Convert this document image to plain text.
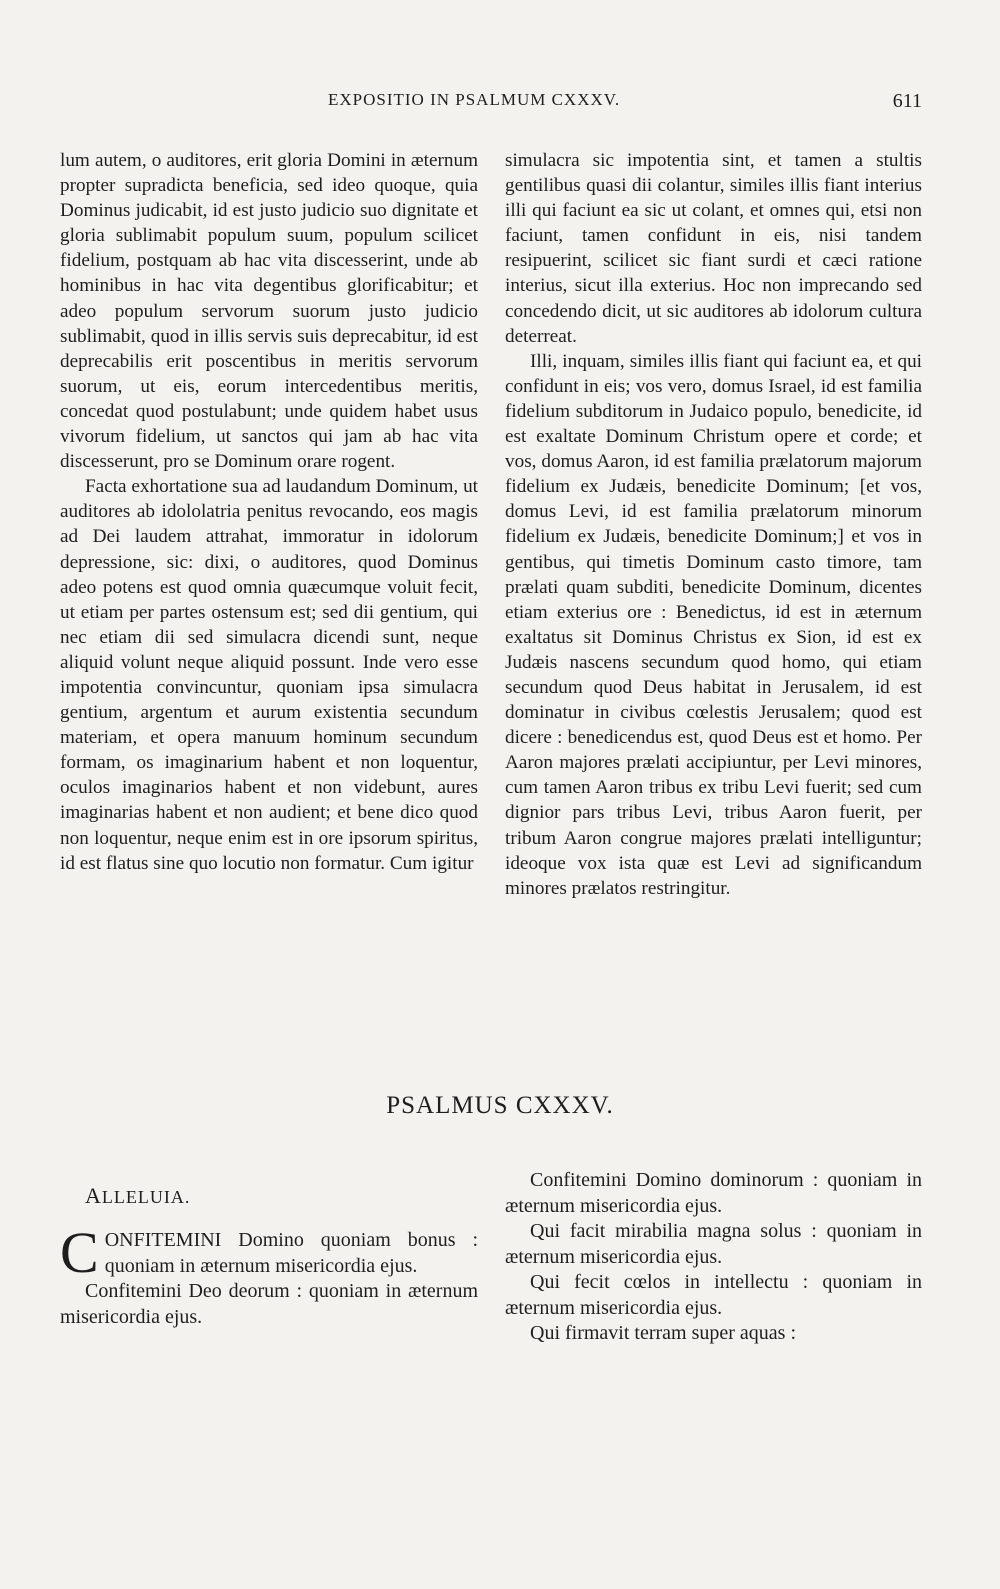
EXPOSITIO IN PSALMUM CXXXV.	611

lum autem, o auditores, erit gloria Domini in æternum propter supradicta beneficia, sed ideo quoque, quia Dominus judicabit, id est justo judicio suo dignitate et gloria sublimabit populum suum, populum scilicet fidelium, postquam ab hac vita discesserint, unde ab hominibus in hac vita degentibus glorificabitur; et adeo populum servorum suorum justo judicio sublimabit, quod in illis servis suis deprecabitur, id est deprecabilis erit poscentibus in meritis servorum suorum, ut eis, eorum intercedentibus meritis, concedat quod postulabunt; unde quidem habet usus vivorum fidelium, ut sanctos qui jam ab hac vita discesserunt, pro se Dominum orare rogent.

Facta exhortatione sua ad laudandum Dominum, ut auditores ab idololatria penitus revocando, eos magis ad Dei laudem attrahat, immoratur in idolorum depressione, sic: dixi, o auditores, quod Dominus adeo potens est quod omnia quæcumque voluit fecit, ut etiam per partes ostensum est; sed dii gentium, qui nec etiam dii sed simulacra dicendi sunt, neque aliquid volunt neque aliquid possunt. Inde vero esse impotentia convincuntur, quoniam ipsa simulacra gentium, argentum et aurum existentia secundum materiam, et opera manuum hominum secundum formam, os imaginarium habent et non loquentur, oculos imaginarios habent et non videbunt, aures imaginarias habent et non audient; et bene dico quod non loquentur, neque enim est in ore ipsorum spiritus, id est flatus sine quo locutio non formatur. Cum igitur

simulacra sic impotentia sint, et tamen a stultis gentilibus quasi dii colantur, similes illis fiant interius illi qui faciunt ea sic ut colant, et omnes qui, etsi non faciunt, tamen confidunt in eis, nisi tandem resipuerint, scilicet sic fiant surdi et cæci ratione interius, sicut illa exterius. Hoc non imprecando sed concedendo dicit, ut sic auditores ab idolorum cultura deterreat.

Illi, inquam, similes illis fiant qui faciunt ea, et qui confidunt in eis; vos vero, domus Israel, id est familia fidelium subditorum in Judaico populo, benedicite, id est exaltate Dominum Christum opere et corde; et vos, domus Aaron, id est familia prælatorum majorum fidelium ex Judæis, benedicite Dominum; [et vos, domus Levi, id est familia prælatorum minorum fidelium ex Judæis, benedicite Dominum;] et vos in gentibus, qui timetis Dominum casto timore, tam prælati quam subditi, benedicite Dominum, dicentes etiam exterius ore : Benedictus, id est in æternum exaltatus sit Dominus Christus ex Sion, id est ex Judæis nascens secundum quod homo, qui etiam secundum quod Deus habitat in Jerusalem, id est dominatur in civibus cœlestis Jerusalem; quod est dicere : benedicendus est, quod Deus est et homo. Per Aaron majores prælati accipiuntur, per Levi minores, cum tamen Aaron tribus ex tribu Levi fuerit; sed cum dignior pars tribus Levi, tribus Aaron fuerit, per tribum Aaron congrue majores prælati intelliguntur; ideoque vox ista quæ est Levi ad significandum minores prælatos restringitur.

PSALMUS CXXXV.
ALLELUIA.

CONFITEMINI Domino quoniam bonus : quoniam in æternum misericordia ejus.

Confitemini Deo deorum : quoniam in æternum misericordia ejus.

Confitemini Domino dominorum : quoniam in æternum misericordia ejus.

Qui facit mirabilia magna solus : quoniam in æternum misericordia ejus.

Qui fecit cœlos in intellectu : quoniam in æternum misericordia ejus.

Qui firmavit terram super aquas :
